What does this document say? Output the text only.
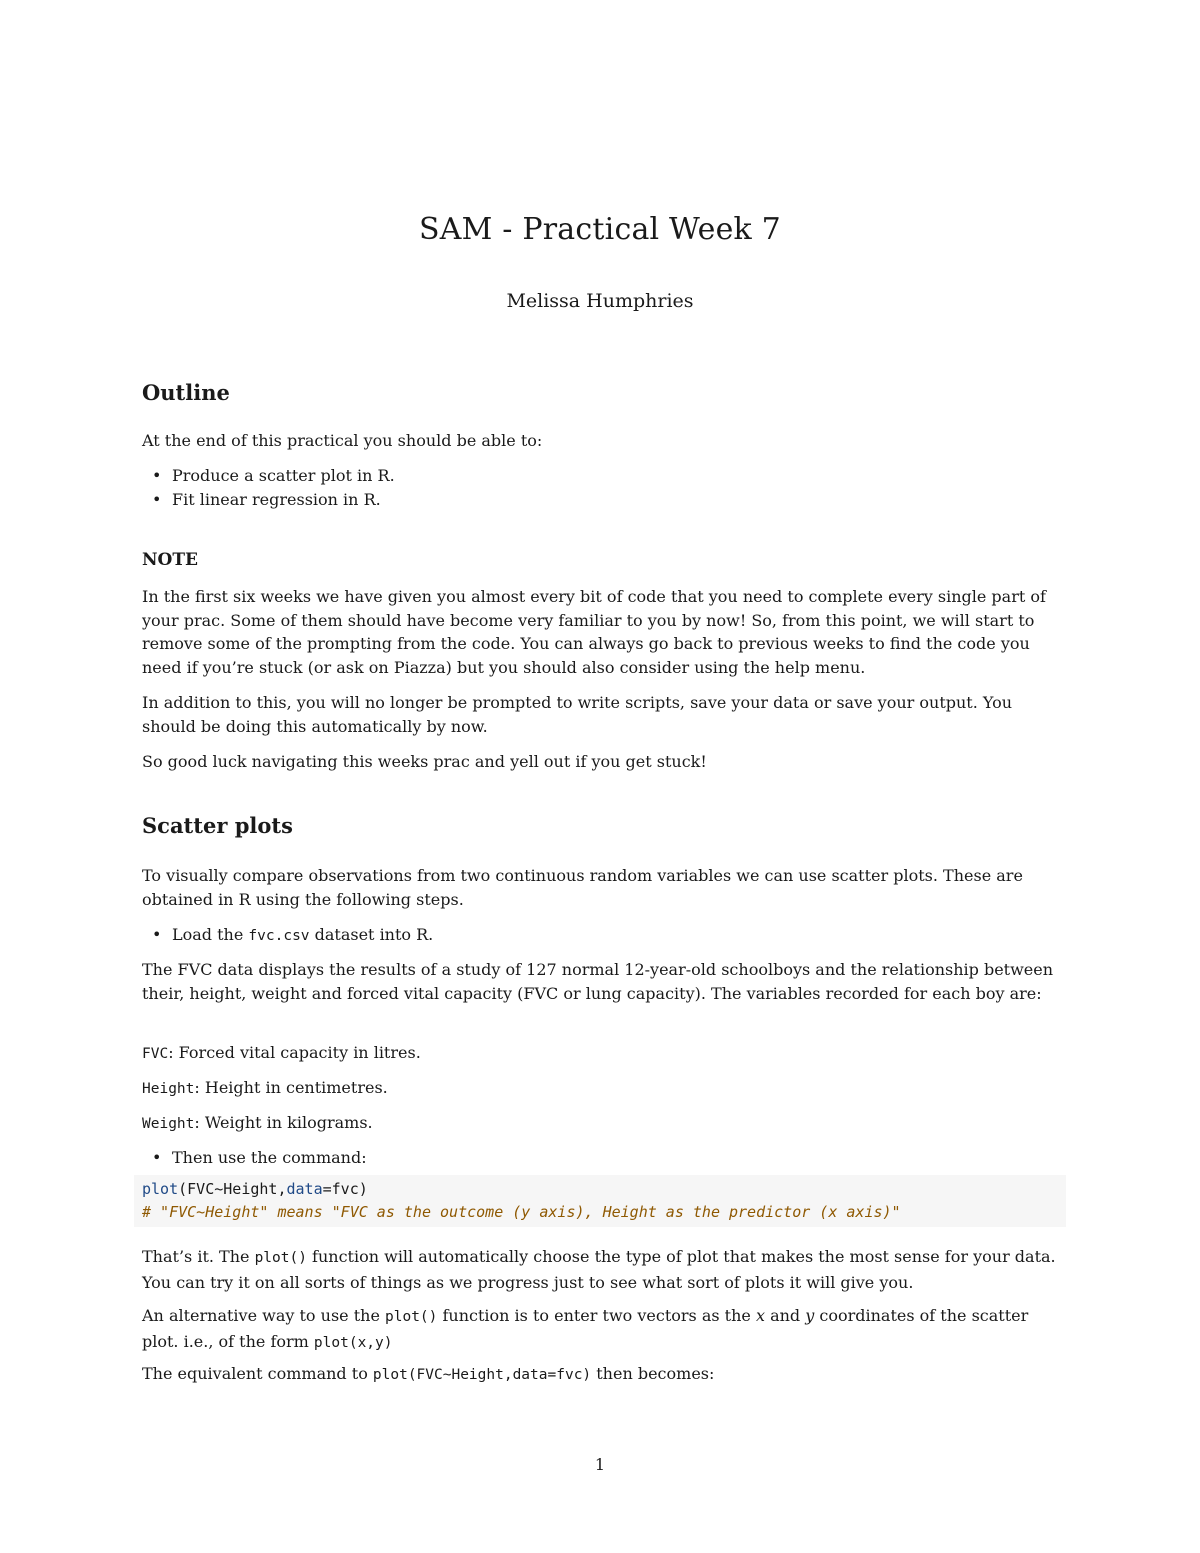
SAM - Practical Week 7

Melissa Humphries

Outline

At the end of this practical you should be able to:

• Produce a scatter plot in R.

• Fit linear regression in R.

NOTE

In the first six weeks we have given you almost every bit of code that you need to complete every single part of your prac. Some of them should have become very familiar to you by now! So, from this point, we will start to remove some of the prompting from the code. You can always go back to previous weeks to find the code you need if you’re stuck (or ask on Piazza) but you should also consider using the help menu.

In addition to this, you will no longer be prompted to write scripts, save your data or save your output. You should be doing this automatically by now.

So good luck navigating this weeks prac and yell out if you get stuck!

Scatter plots

To visually compare observations from two continuous random variables we can use scatter plots. These are obtained in R using the following steps.

• Load the fvc.csv dataset into R.

The FVC data displays the results of a study of 127 normal 12-year-old schoolboys and the relationship between their, height, weight and forced vital capacity (FVC or lung capacity). The variables recorded for each boy are:

FVC: Forced vital capacity in litres.

Height: Height in centimetres.

Weight: Weight in kilograms.

• Then use the command:

plot(FVC~Height,data=fvc)
# "FVC~Height" means "FVC as the outcome (y axis), Height as the predictor (x axis)"

That’s it. The plot() function will automatically choose the type of plot that makes the most sense for your data. You can try it on all sorts of things as we progress just to see what sort of plots it will give you.

An alternative way to use the plot() function is to enter two vectors as the x and y coordinates of the scatter plot. i.e., of the form plot(x,y)

The equivalent command to plot(FVC~Height,data=fvc) then becomes:

1
